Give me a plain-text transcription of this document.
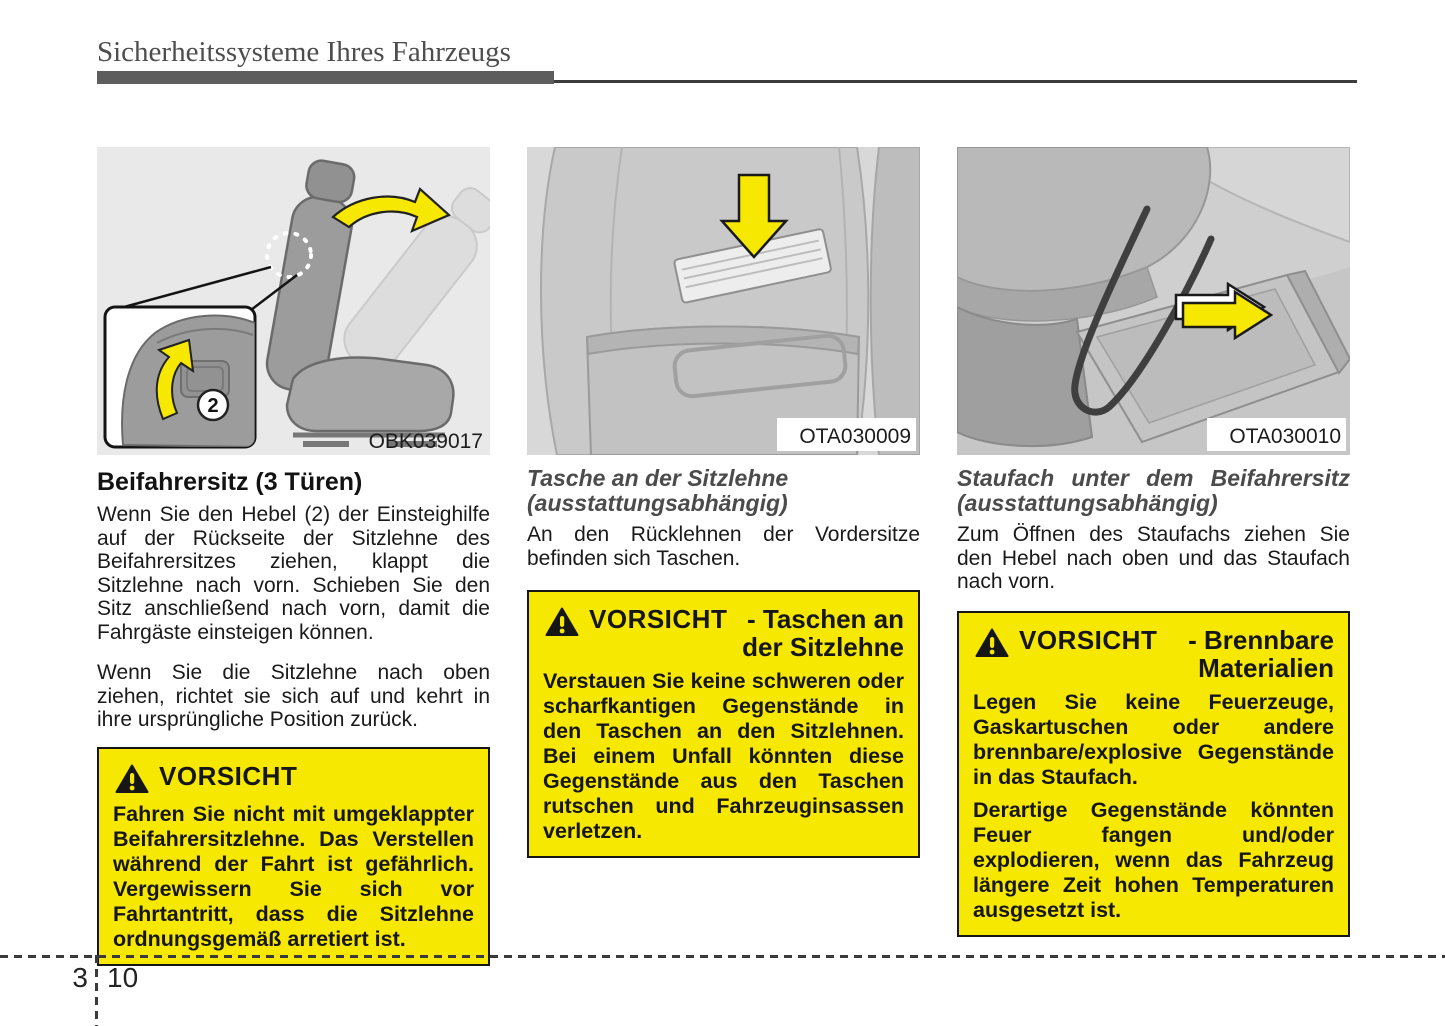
Sicherheitssysteme Ihres Fahrzeugs
2
OBK039017
Beifahrersitz (3 Türen)

Wenn Sie den Hebel (2) der Einsteighilfe auf der Rückseite der Sitzlehne des Beifahrersitzes ziehen, klappt die Sitzlehne nach vorn. Schieben Sie den Sitz anschließend nach vorn, damit die Fahrgäste einsteigen können.

Wenn Sie die Sitzlehne nach oben ziehen, richtet sie sich auf und kehrt in ihre ursprüngliche Position zurück.

VORSICHT

Fahren Sie nicht mit umgeklappter Beifahrersitzlehne. Das Verstellen während der Fahrt ist gefährlich. Vergewissern Sie sich vor Fahrtantritt, dass die Sitzlehne ordnungsgemäß arretiert ist.

OTA030009
Tasche an der Sitzlehne
(ausstattungsabhängig)

An den Rücklehnen der Vordersitze befinden sich Taschen.

VORSICHT - Taschen an der Sitzlehne

Verstauen Sie keine schweren oder scharfkantigen Gegenstände in den Taschen an den Sitzlehnen. Bei einem Unfall könnten diese Gegenstände aus den Taschen rutschen und Fahrzeuginsassen verletzen.

OTA030010
Staufach unter dem Beifahrersitz
(ausstattungsabhängig)

Zum Öffnen des Staufachs ziehen Sie den Hebel nach oben und das Staufach nach vorn.

VORSICHT	- Brennbare Materialien

Legen Sie keine Feuerzeuge, Gaskartuschen oder andere brennbare/explosive Gegenstände in das Staufach.

Derartige Gegenstände könnten Feuer fangen und/oder explodieren, wenn das Fahrzeug längere Zeit hohen Temperaturen ausgesetzt ist.

3 10
